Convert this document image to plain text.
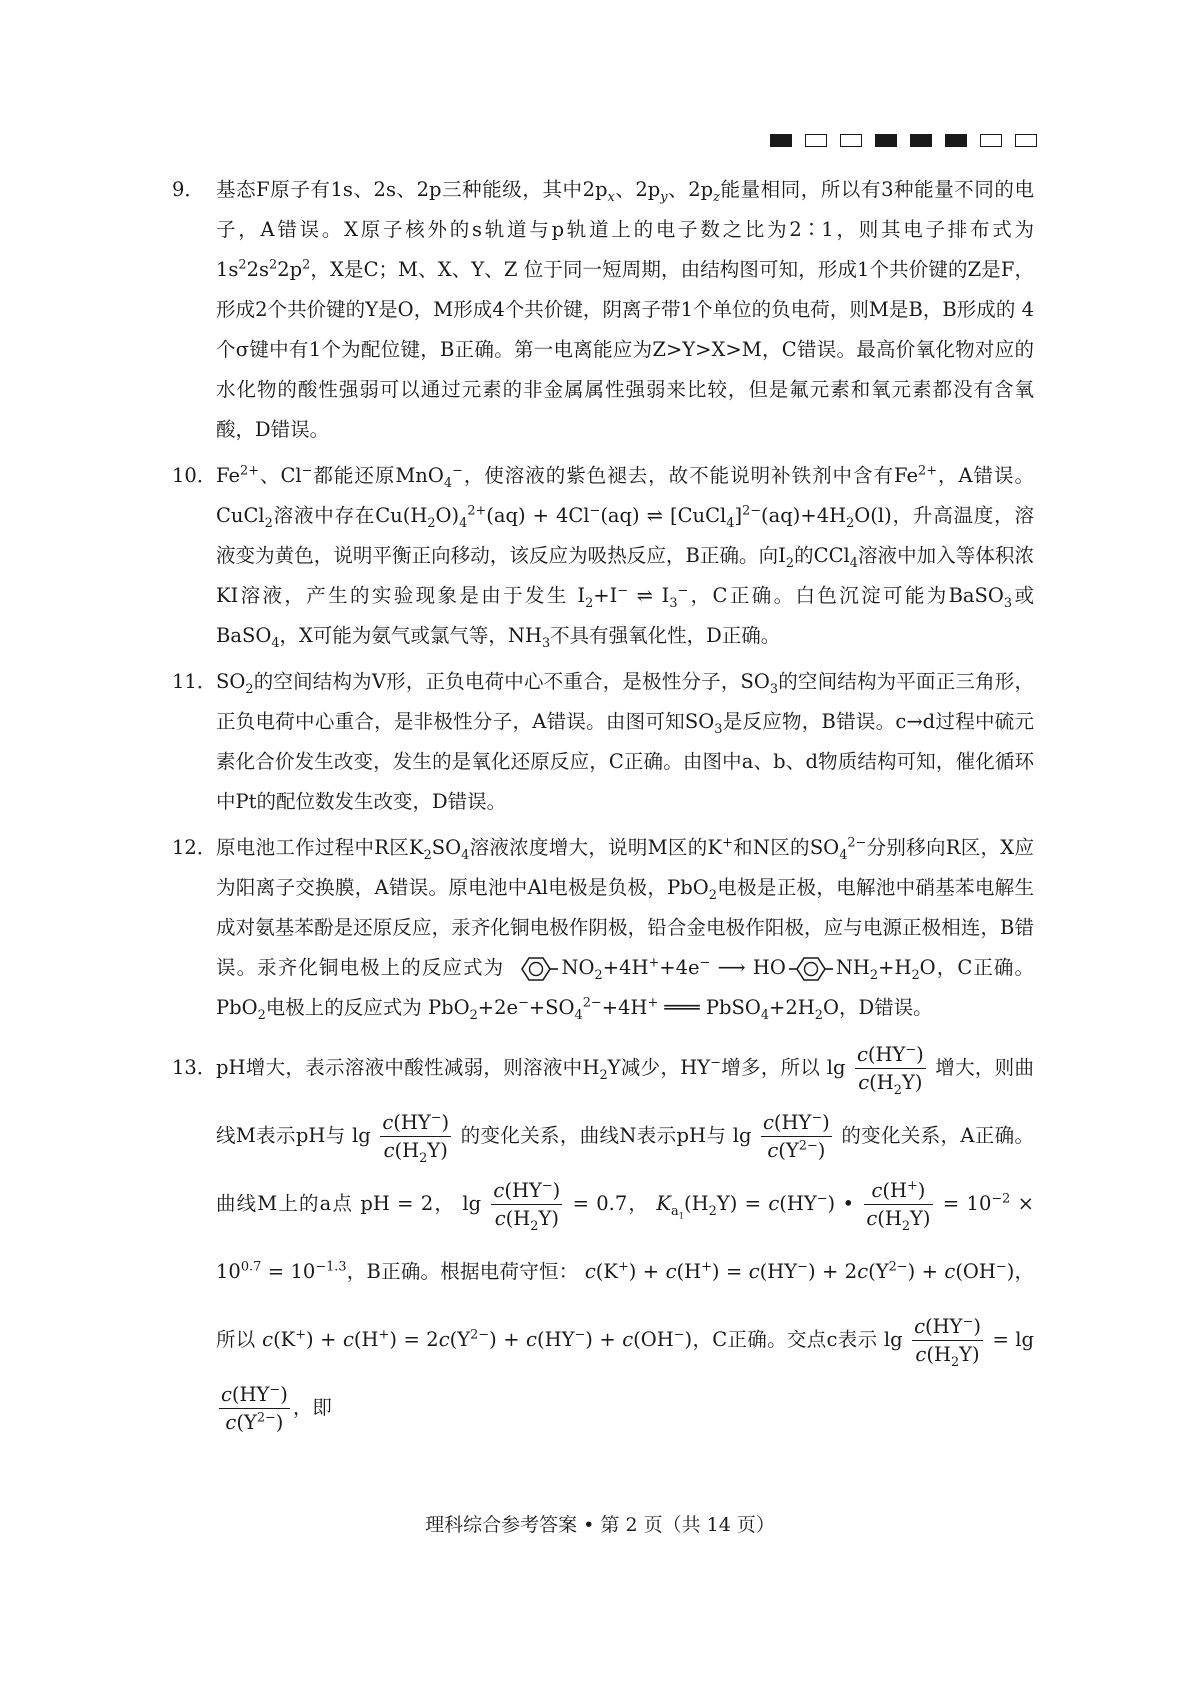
9． 基态F原子有1s、2s、2p三种能级，其中$2p_x$、$2p_y$、$2p_z$能量相同，所以有3种能量不同的电子，A错误。X原子核外的s轨道与p轨道上的电子数之比为2∶1，则其电子排布式为 $1s^22s^22p^2$，X是C；M、X、Y、Z 位于同一短周期，由结构图可知，形成1个共价键的Z是F，形成2个共价键的Y是O，M形成4个共价键，阴离子带1个单位的负电荷，则M是B，B形成的 4个σ键中有1个为配位键，B正确。第一电离能应为Z>Y>X>M，C错误。最高价氧化物对应的水化物的酸性强弱可以通过元素的非金属属性强弱来比较，但是氟元素和氧元素都没有含氧酸，D错误。
10． $Fe^{2+}$、Cl−都能还原MnO$_4$−，使溶液的紫色褪去，故不能说明补铁剂中含有$Fe^{2+}$，A错误。CuCl$_2$溶液中存在$Cu(H_2O)_4^{2+}(aq) + 4Cl^-(aq)$ ⇌ $[CuCl_4]^{2-}(aq)+4H_2O(l)$，升高温度，溶液变为黄色，说明平衡正向移动，该反应为吸热反应，B正确。向$I_2$的CCl$_4$溶液中加入等体积浓KI溶液，产生的实验现象是由于发生 $I_2+I^-$ ⇌ $I_3^-$，C正确。白色沉淀可能为BaSO$_3$或BaSO$_4$，X可能为氨气或氯气等，$NH_3$不具有强氧化性，D正确。
11． $SO_2$的空间结构为V形，正负电荷中心不重合，是极性分子，$SO_3$的空间结构为平面正三角形，正负电荷中心重合，是非极性分子，A错误。由图可知$SO_3$是反应物，B错误。c→d过程中硫元素化合价发生改变，发生的是氧化还原反应，C正确。由图中a、b、d物质结构可知，催化循环中Pt的配位数发生改变，D错误。
12． 原电池工作过程中R区$K_2SO_4$溶液浓度增大，说明M区的K+和N区的$SO_4^{2-}$分别移向R区，X应为阳离子交换膜，A错误。原电池中Al电极是负极，PbO$_2$电极是正极，电解池中硝基苯电解生成对氨基苯酚是还原反应，汞齐化铜电极作阴极，铅合金电极作阳极，应与电源正极相连，B错误。汞齐化铜电极上的反应式为	$NO_2+4H^++4e^-$ ⟶ HO	$NH_2+H_2O$，C正确。PbO$_2$电极上的反应式为 $PbO_2+2e^-+SO_4^{2-}+4H^+$ ═══ $PbSO_4+2H_2O$，D错误。
13． pH增大，表示溶液中酸性减弱，则溶液中$H_2Y$减少，HY−增多，所以 $\lg \frac{c(HY^-)}{c(H_2Y)}$ 增大，则曲线M表示pH与 $\lg \frac{c(HY^-)}{c(H_2Y)}$ 的变化关系，曲线N表示pH与 $\lg \frac{c(HY^-)}{c(Y^{2-})}$ 的变化关系，A正确。曲线M上的a点 pH = 2， $\lg \frac{c(HY^-)}{c(H_2Y)} = 0.7$， $K_{a_1}(H_2Y) = c(HY^-)$ • $\frac{c(H^+)}{c(H_2Y)} = 10^{-2} \times 10^{0.7} = 10^{-1.3}$，B正确。根据电荷守恒： $c(K^+) + c(H^+) = c(HY^-) + 2c(Y^{2-}) + c(OH^-)$，所以 $c(K^+) + c(H^+) = 2c(Y^{2-}) + c(HY^-) + c(OH^-)$，C正确。交点c表示 $\lg \frac{c(HY^-)}{c(H_2Y)} = \lg$
$\frac{c(HY^-)}{c(Y^{2-})}$ ，即
理科综合参考答案 • 第 2 页（共 14 页）
